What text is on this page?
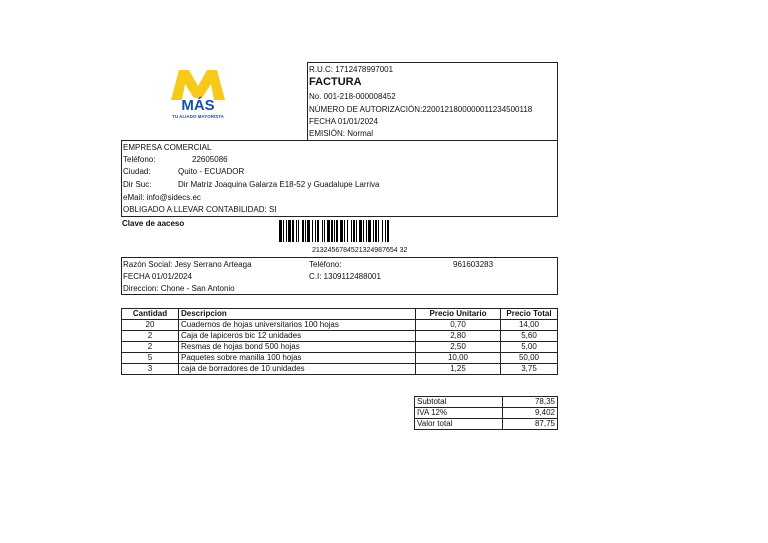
MÁS
TU ALIADO MAYORISTA
R.U.C: 1712478997001
FACTURA
No. 001-218-000008452
NÚMERO DE AUTORIZACIÓN:2200121800000011234500118
FECHA 01/01/2024
EMISIÓN: Normal
EMPRESA COMERCIAL
Teléfono:	22605086
Ciudad:	Quito - ECUADOR
Dir Suc:	Dir Matriz Joaquina Galarza E18-52 y Guadalupe Larriva
eMail: info@sidecs.ec
OBLIGADO A LLEVAR CONTABILIDAD: SI
Clave de aaceso
2132456784521324987654 32
Razón Social: Jesy Serrano Arteaga	Teléfono:	961603283
FECHA 01/01/2024	C.I: 1309112488001
Direccion: Chone - San Antonio
Cantidad	Descripcion	Precio Unitario	Precio Total
20	Cuadernos de hojas universitarios 100 hojas	0,70	14,00
2	Caja de lapiceros bic 12 unidades	2,80	5,60
2	Resmas de hojas bond 500 hojas	2,50	5,00
5	Paquetes sobre manilla 100 hojas	10,00	50,00
3	caja de borradores de 10 unidades	1,25	3,75
Subtotal	78,35
IVA 12%	9,402
Valor total	87,75
